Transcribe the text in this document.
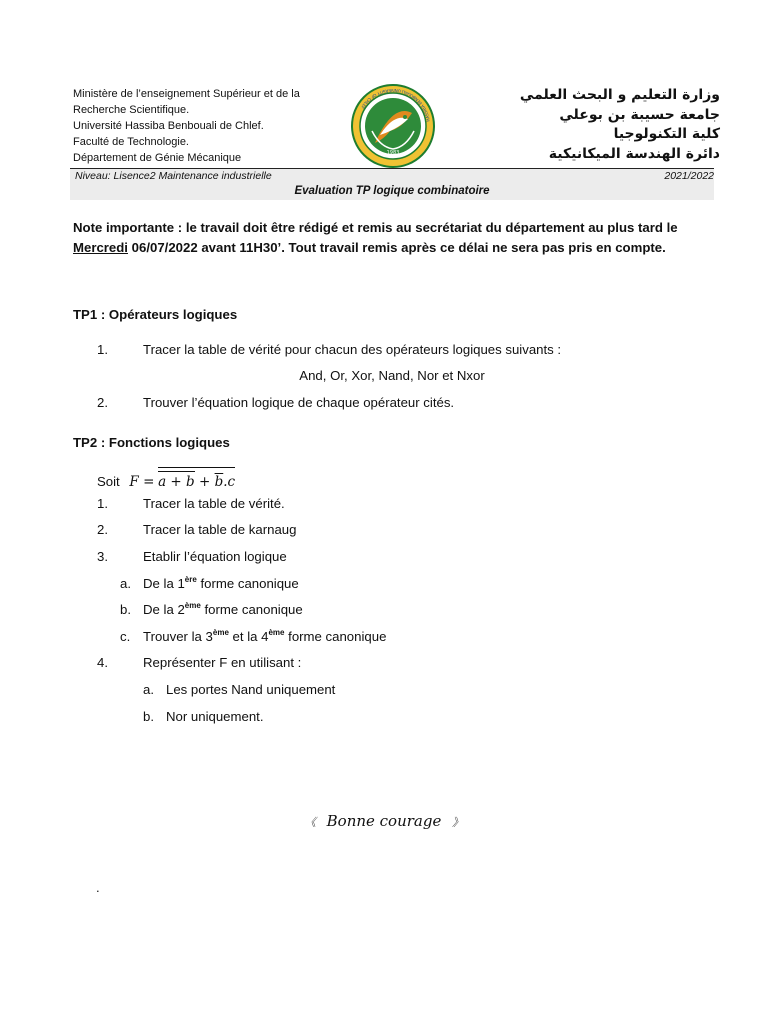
Ministère de l’enseignement Supérieur et de la
Recherche Scientifique.
Université Hassiba Benbouali de Chlef.
Faculté de Technologie.
Département de Génie Mécanique	1983
HASSIBA BENBOUALI UNIVERSITY OF CHLEF
وزارة التعليم و البحث العلمي
جامعة حسيبة بن بوعلي
كلية التكنولوجيا
دائرة الهندسة الميكانيكية
Niveau: Lisence2 Maintenance industrielle	2021/2022
Evaluation TP logique combinatoire
Note importante : le travail doit être rédigé et remis au secrétariat du département au plus tard le
Mercredi 06/07/2022 avant 11H30’. Tout travail remis après ce délai ne sera pas pris en compte.
TP1 : Opérateurs logiques
1.	Tracer la table de vérité pour chacun des opérateurs logiques suivants :
And, Or, Xor, Nand, Nor et Nxor
2.	Trouver l’équation logique de chaque opérateur cités.
TP2 : Fonctions logiques
Soit $F = a + b + \overline{b}.c$
1.	Tracer la table de vérité.
2.	Tracer la table de karnaug
3.	Etablir l’équation logique
a. De la 1ère forme canonique
b. De la 2ème forme canonique
c. Trouver la 3ème et la 4ème forme canonique
4.	Représenter F en utilisant :
a. Les portes Nand uniquement
b. Nor uniquement.
《 Bonne courage 》
.
